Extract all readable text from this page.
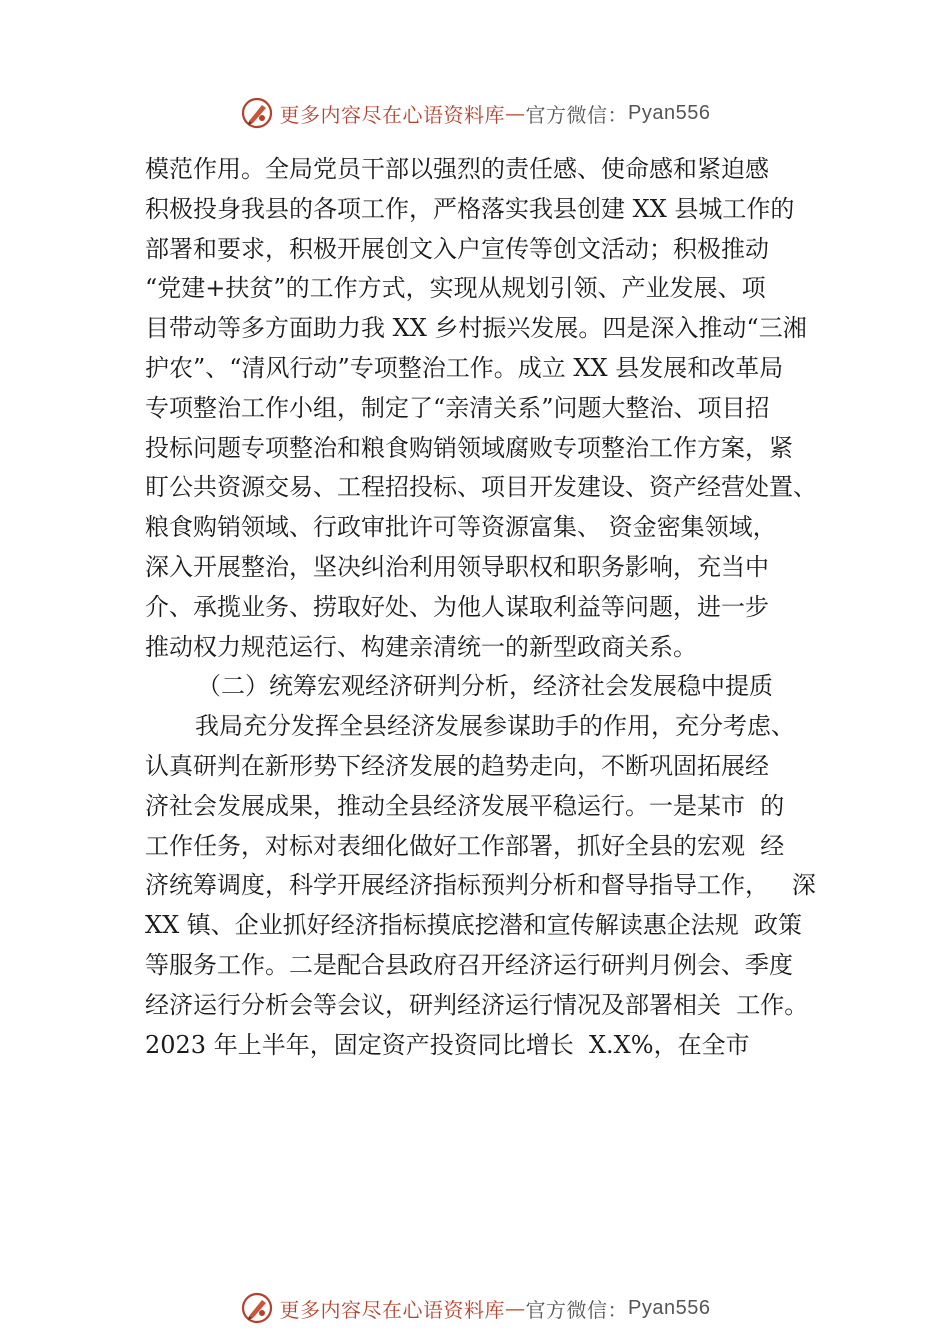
更多内容尽在心语资料库 — 官方微信： Pyan556
模范作用。全局党员干部以强烈的责任感、使命感和紧迫感
积极投身我县的各项工作，严格落实我县创建 XX 县城工作的
部署和要求，积极开展创文入户宣传等创文活动；积极推动
“党建+扶贫”的工作方式，实现从规划引领、产业发展、项
目带动等多方面助力我 XX 乡村振兴发展。四是深入推动“三湘
护农”、“清风行动”专项整治工作。成立 XX 县发展和改革局
专项整治工作小组，制定了“亲清关系”问题大整治、项目招
投标问题专项整治和粮食购销领域腐败专项整治工作方案，紧
盯公共资源交易、工程招投标、项目开发建设、资产经营处置、
粮食购销领域、行政审批许可等资源富集、 资金密集领域，
深入开展整治，坚决纠治利用领导职权和职务影响，充当中
介、承揽业务、捞取好处、为他人谋取利益等问题，进一步
推动权力规范运行、构建亲清统一的新型政商关系。
（二）统筹宏观经济研判分析，经济社会发展稳中提质
我局充分发挥全县经济发展参谋助手的作用，充分考虑、
认真研判在新形势下经济发展的趋势走向，不断巩固拓展经
济社会发展成果，推动全县经济发展平稳运行。一是某市  的
工作任务，对标对表细化做好工作部署，抓好全县的宏观  经
济统筹调度，科学开展经济指标预判分析和督导指导工作，   深
XX 镇、企业抓好经济指标摸底挖潜和宣传解读惠企法规  政策
等服务工作。二是配合县政府召开经济运行研判月例会、季度
经济运行分析会等会议，研判经济运行情况及部署相关  工作。
2023 年上半年，固定资产投资同比增长  X.X%，在全市
更多内容尽在心语资料库 — 官方微信： Pyan556
